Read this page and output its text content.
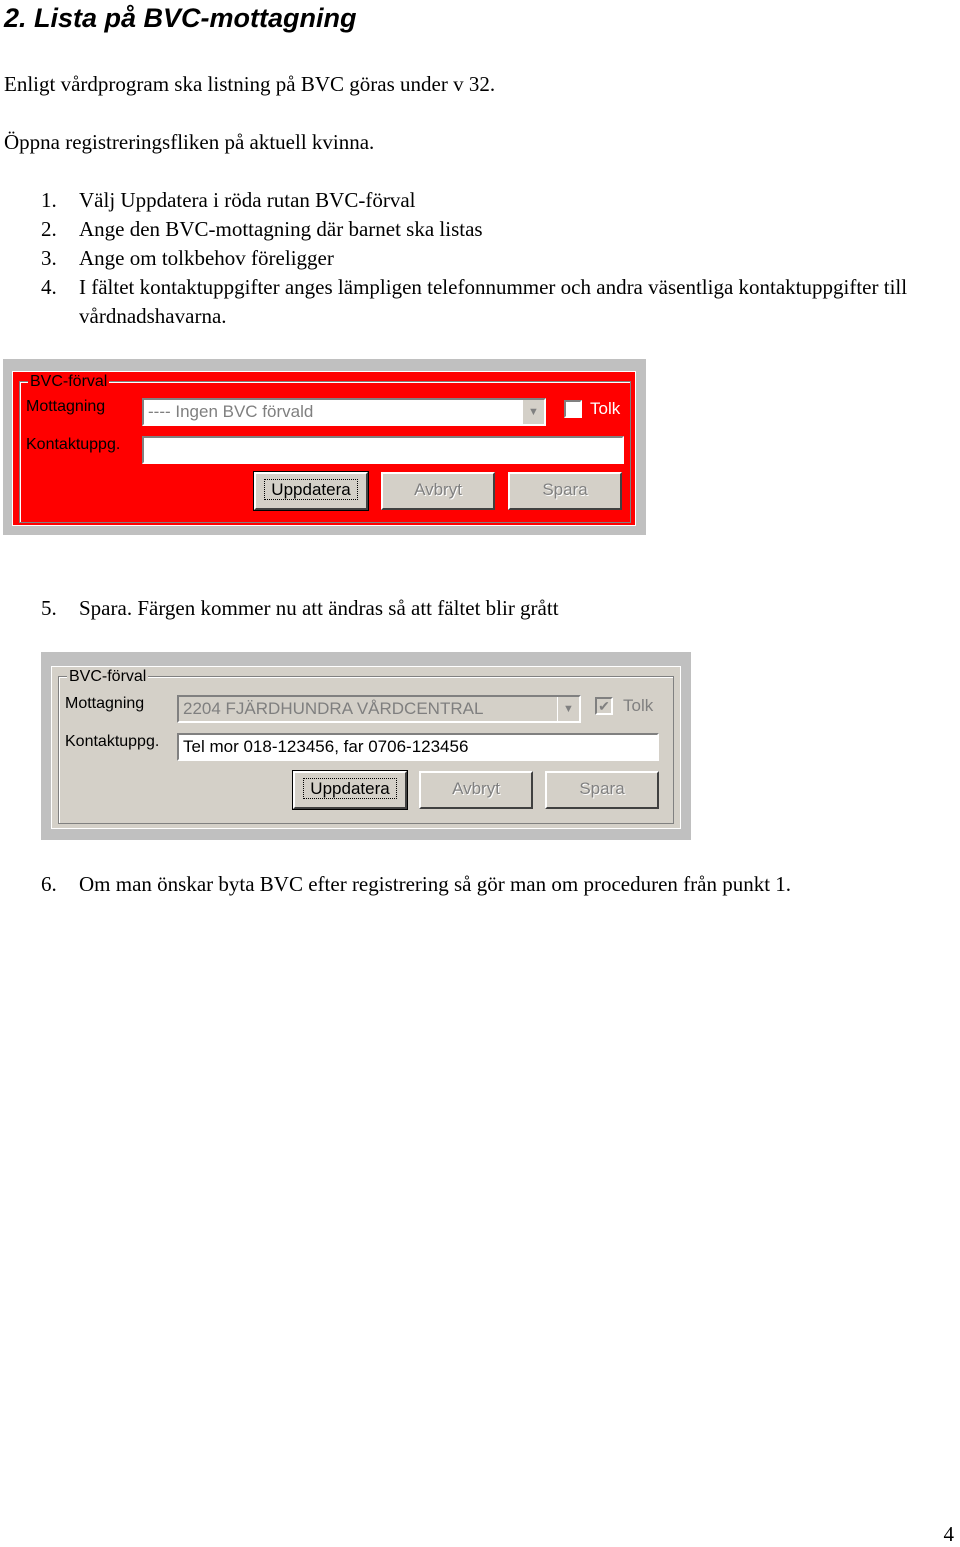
2. Lista på BVC-mottagning

Enligt vårdprogram ska listning på BVC göras under v 32.

Öppna registreringsfliken på aktuell kvinna.

1. Välj Uppdatera i röda rutan BVC-förval
2. Ange den BVC-mottagning där barnet ska listas
3. Ange om tolkbehov föreligger
4. I fältet kontaktuppgifter anges lämpligen telefonnummer och andra väsentliga kontaktuppgifter till vårdnadshavarna.
BVC-förval
Mottagning	---- Ingen BVC förvald	▼	Tolk
Kontaktuppg.
Uppdatera	Avbryt	Spara
5. Spara. Färgen kommer nu att ändras så att fältet blir grått
BVC-förval
Mottagning	2204 FJÄRDHUNDRA VÅRDCENTRAL	▼	✔ Tolk
Kontaktuppg.	Tel mor 018-123456, far 0706-123456
Uppdatera	Avbryt	Spara
6. Om man önskar byta BVC efter registrering så gör man om proceduren från punkt 1.
4
